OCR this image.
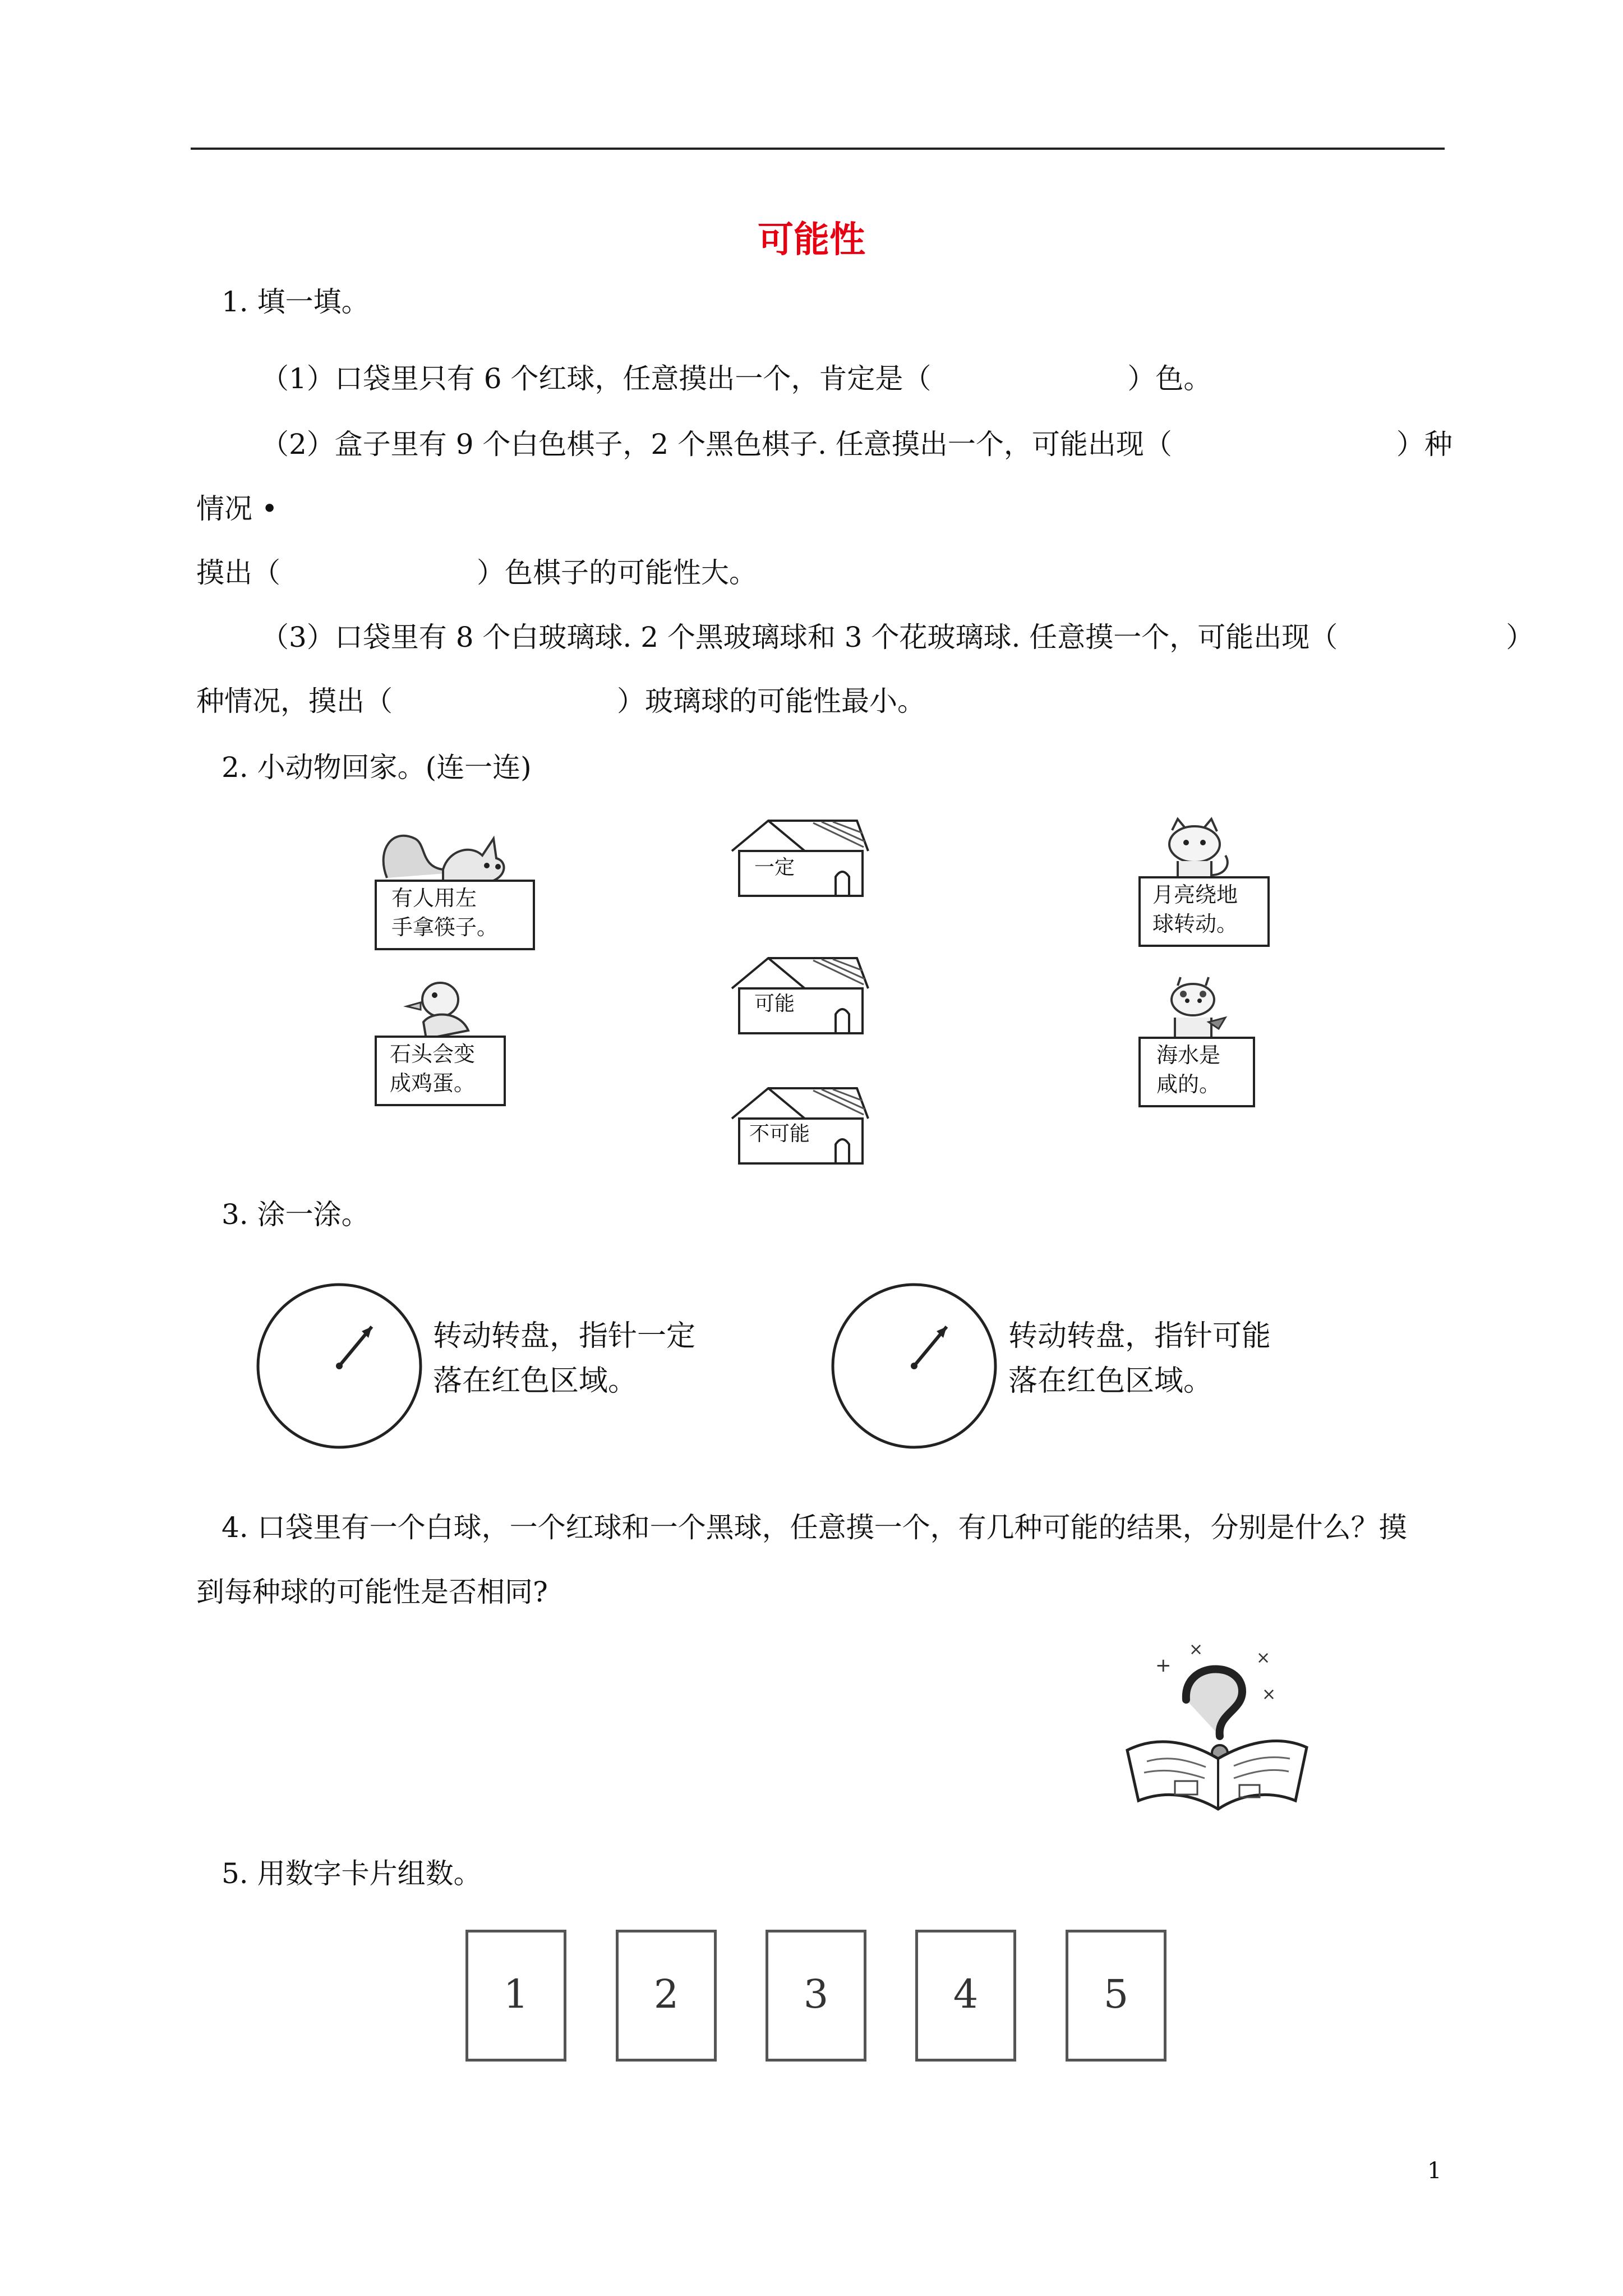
可能性
1. 填一填。
（1）口袋里只有 6 个红球，任意摸出一个，肯定是（　　　　　　　）色。
（2）盒子里有 9 个白色棋子，2 个黑色棋子. 任意摸出一个，可能出现（　　　　　　　　）种
情况 •
摸出（　　　　　　　）色棋子的可能性大。
（3）口袋里有 8 个白玻璃球. 2 个黑玻璃球和 3 个花玻璃球. 任意摸一个，可能出现（　　　　　　）
种情况，摸出（　　　　　　　　）玻璃球的可能性最小。
2. 小动物回家。(连一连)
有人用左
手拿筷子。
石头会变
成鸡蛋。
一定
可能
不可能
月亮绕地
球转动。
海水是
咸的。
3. 涂一涂。
转动转盘，指针一定
落在红色区域。
转动转盘，指针可能
落在红色区域。
4. 口袋里有一个白球，一个红球和一个黑球，任意摸一个，有几种可能的结果，分别是什么？摸
到每种球的可能性是否相同?
+
×	×
×
5. 用数字卡片组数。
1	2	3	4	5
1
